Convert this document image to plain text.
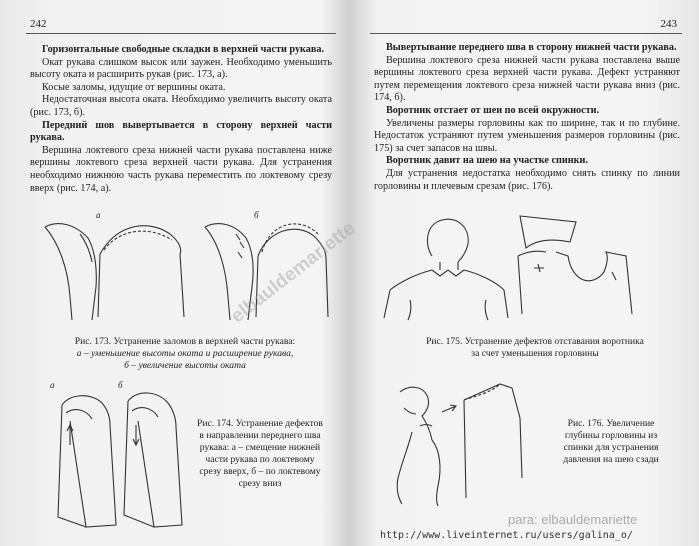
242

Горизонтальные свободные складки в верхней части рукава.

Окат рукава слишком высок или заужен. Необходимо уменьшить высоту оката и расширить рукав (рис. 173, а).

Косые заломы, идущие от вершины оката.

Недостаточная высота оката. Необходимо увеличить высоту оката (рис. 173, б).

Передний шов вывертывается в сторону верхней части рукава.

Вершина локтевого среза нижней части рукава поставлена ниже вершины локтевого среза верхней части рукава. Для устранения необходимо нижнюю часть рукава переместить по локтевому срезу вверх (рис. 174, а).

а	б
Рис. 173. Устранение заломов в верхней части рукава:
а – уменьшение высоты оката и расширение рукава,
б – увеличение высоты оката
а	б
Рис. 174. Устранение дефектов
в направлении переднего шва
рукава: а – смещение нижней
части рукава по локтевому
срезу вверх, б – по локтевому
срезу вниз
243

Вывертывание переднего шва в сторону нижней части рукава.

Вершина локтевого среза нижней части рукава поставлена выше вершины локтевого среза верхней части рукава. Дефект устраняют путем перемещения локтевого среза нижней части рукава вниз (рис. 174, б).

Воротник отстает от шеи по всей окружности.

Увеличены размеры горловины как по ширине, так и по глубине. Недостаток устраняют путем уменьшения размеров горловины (рис. 175) за счет запасов на швы.

Воротник давит на шею на участке спинки.

Для устранения недостатка необходимо снять спинку по линии горловины и плечевым срезам (рис. 176).

Рис. 175. Устранение дефектов отставания воротника
за счет уменьшения горловины
Рис. 176. Увеличение
глубины горловины из
спинки для устранения
давления на шею сзади
elbauldemariette
para: elbauldemariette
http://www.liveinternet.ru/users/galina_o/
